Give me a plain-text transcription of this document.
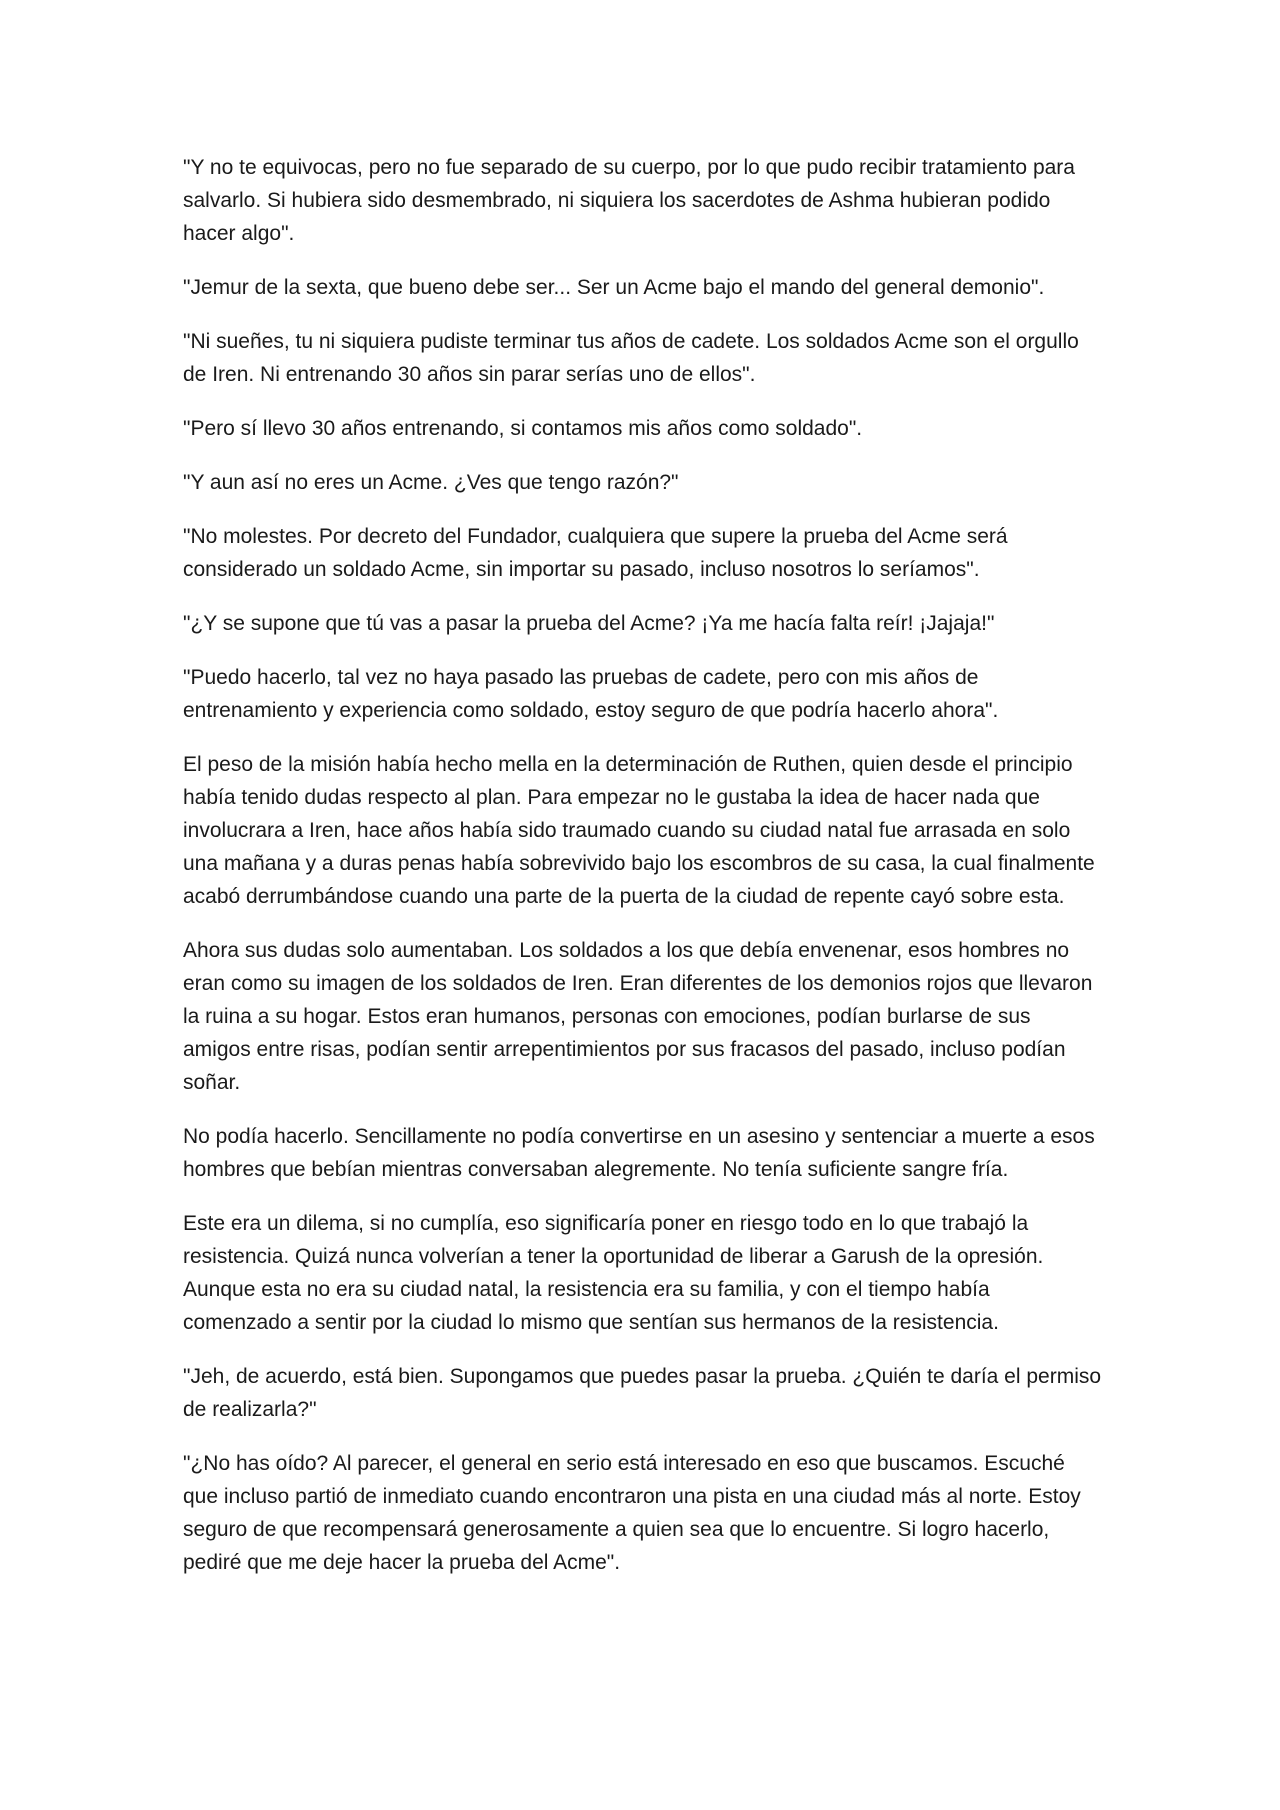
"Y no te equivocas, pero no fue separado de su cuerpo, por lo que pudo recibir tratamiento para salvarlo. Si hubiera sido desmembrado, ni siquiera los sacerdotes de Ashma hubieran podido hacer algo".

"Jemur de la sexta, que bueno debe ser... Ser un Acme bajo el mando del general demonio".

"Ni sueñes, tu ni siquiera pudiste terminar tus años de cadete. Los soldados Acme son el orgullo de Iren. Ni entrenando 30 años sin parar serías uno de ellos".

"Pero sí llevo 30 años entrenando, si contamos mis años como soldado".

"Y aun así no eres un Acme. ¿Ves que tengo razón?"

"No molestes. Por decreto del Fundador, cualquiera que supere la prueba del Acme será considerado un soldado Acme, sin importar su pasado, incluso nosotros lo seríamos".

"¿Y se supone que tú vas a pasar la prueba del Acme? ¡Ya me hacía falta reír! ¡Jajaja!"

"Puedo hacerlo, tal vez no haya pasado las pruebas de cadete, pero con mis años de entrenamiento y experiencia como soldado, estoy seguro de que podría hacerlo ahora".

El peso de la misión había hecho mella en la determinación de Ruthen, quien desde el principio había tenido dudas respecto al plan. Para empezar no le gustaba la idea de hacer nada que involucrara a Iren, hace años había sido traumado cuando su ciudad natal fue arrasada en solo una mañana y a duras penas había sobrevivido bajo los escombros de su casa, la cual finalmente acabó derrumbándose cuando una parte de la puerta de la ciudad de repente cayó sobre esta.

Ahora sus dudas solo aumentaban. Los soldados a los que debía envenenar, esos hombres no eran como su imagen de los soldados de Iren. Eran diferentes de los demonios rojos que llevaron la ruina a su hogar. Estos eran humanos, personas con emociones, podían burlarse de sus amigos entre risas, podían sentir arrepentimientos por sus fracasos del pasado, incluso podían soñar.

No podía hacerlo. Sencillamente no podía convertirse en un asesino y sentenciar a muerte a esos hombres que bebían mientras conversaban alegremente. No tenía suficiente sangre fría.

Este era un dilema, si no cumplía, eso significaría poner en riesgo todo en lo que trabajó la resistencia. Quizá nunca volverían a tener la oportunidad de liberar a Garush de la opresión. Aunque esta no era su ciudad natal, la resistencia era su familia, y con el tiempo había comenzado a sentir por la ciudad lo mismo que sentían sus hermanos de la resistencia.

"Jeh, de acuerdo, está bien. Supongamos que puedes pasar la prueba. ¿Quién te daría el permiso de realizarla?"

"¿No has oído? Al parecer, el general en serio está interesado en eso que buscamos. Escuché que incluso partió de inmediato cuando encontraron una pista en una ciudad más al norte. Estoy seguro de que recompensará generosamente a quien sea que lo encuentre. Si logro hacerlo, pediré que me deje hacer la prueba del Acme".
